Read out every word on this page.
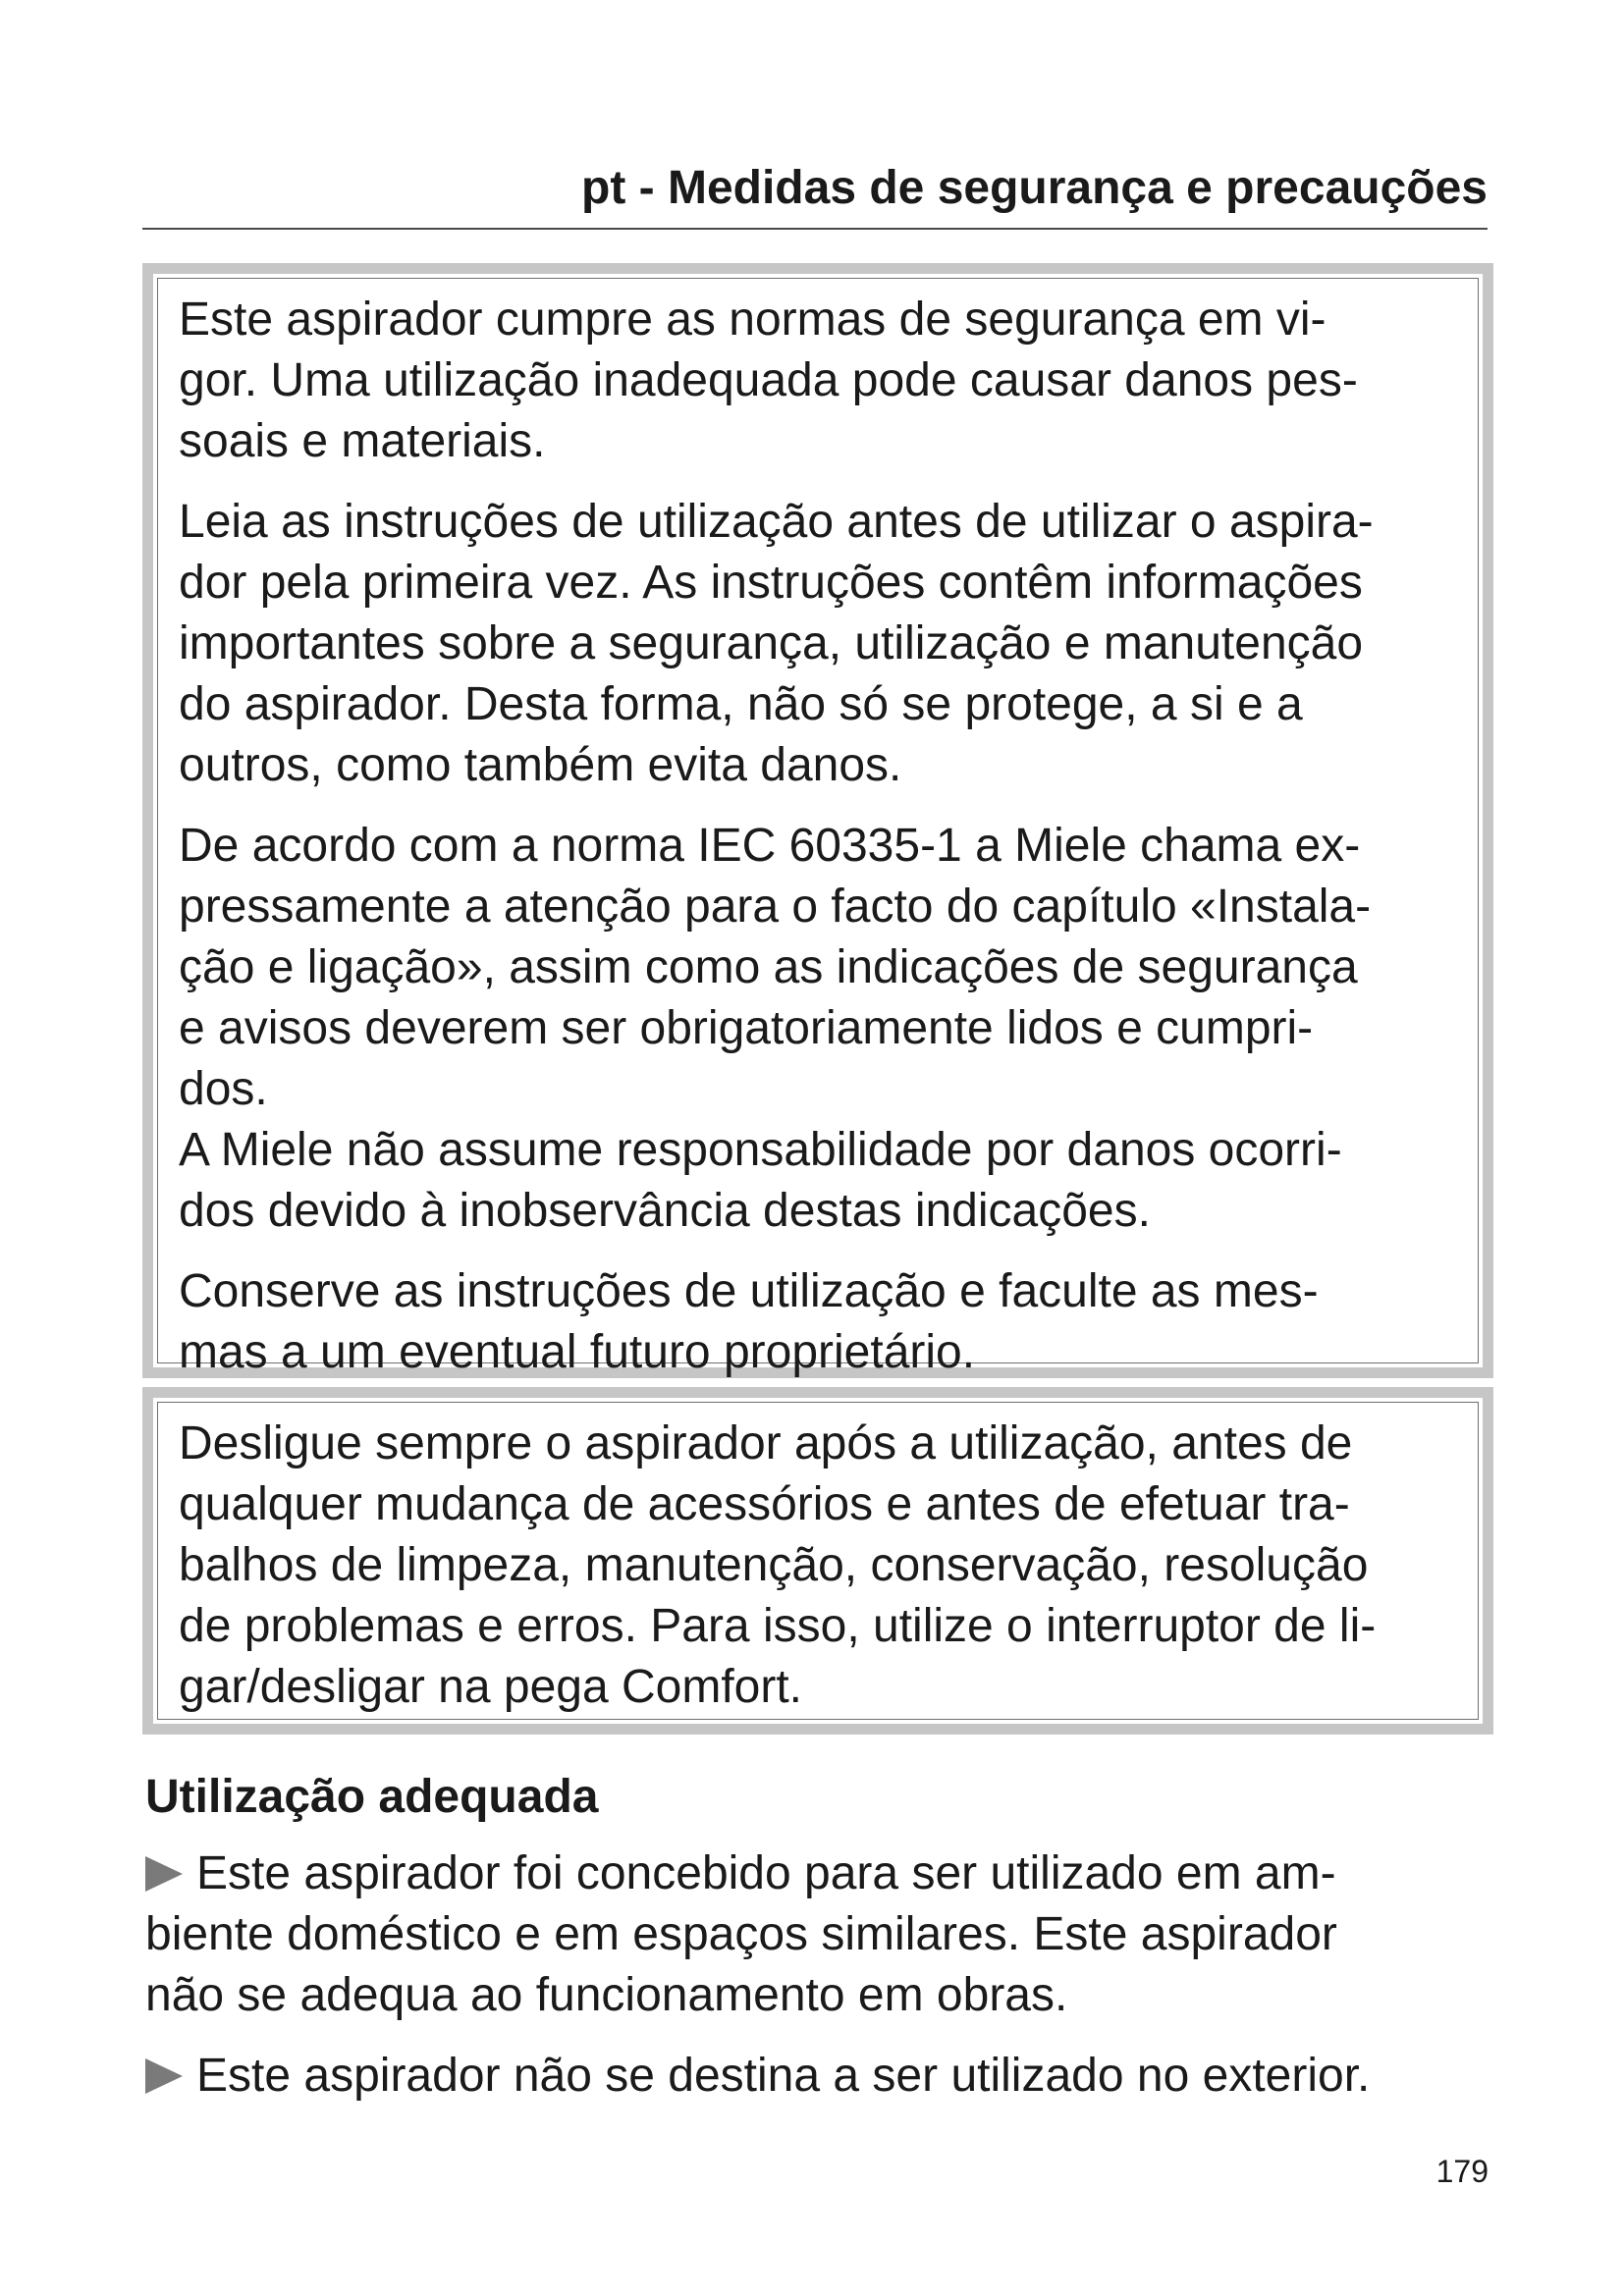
pt - Medidas de segurança e precauções

Este aspirador cumpre as normas de segurança em vi-
gor. Uma utilização inadequada pode causar danos pes-
soais e materiais.

Leia as instruções de utilização antes de utilizar o aspira-
dor pela primeira vez. As instruções contêm informações
importantes sobre a segurança, utilização e manutenção
do aspirador. Desta forma, não só se protege, a si e a
outros, como também evita danos.

De acordo com a norma IEC 60335-1 a Miele chama ex-
pressamente a atenção para o facto do capítulo «Instala-
ção e ligação», assim como as indicações de segurança
e avisos deverem ser obrigatoriamente lidos e cumpri-
dos.
A Miele não assume responsabilidade por danos ocorri-
dos devido à inobservância destas indicações.

Conserve as instruções de utilização e faculte as mes-
mas a um eventual futuro proprietário.

Desligue sempre o aspirador após a utilização, antes de
qualquer mudança de acessórios e antes de efetuar tra-
balhos de limpeza, manutenção, conservação, resolução
de problemas e erros. Para isso, utilize o interruptor de li-
gar/desligar na pega Comfort.

Utilização adequada

Este aspirador foi concebido para ser utilizado em am-
biente doméstico e em espaços similares. Este aspirador
não se adequa ao funcionamento em obras.

Este aspirador não se destina a ser utilizado no exterior.

179
